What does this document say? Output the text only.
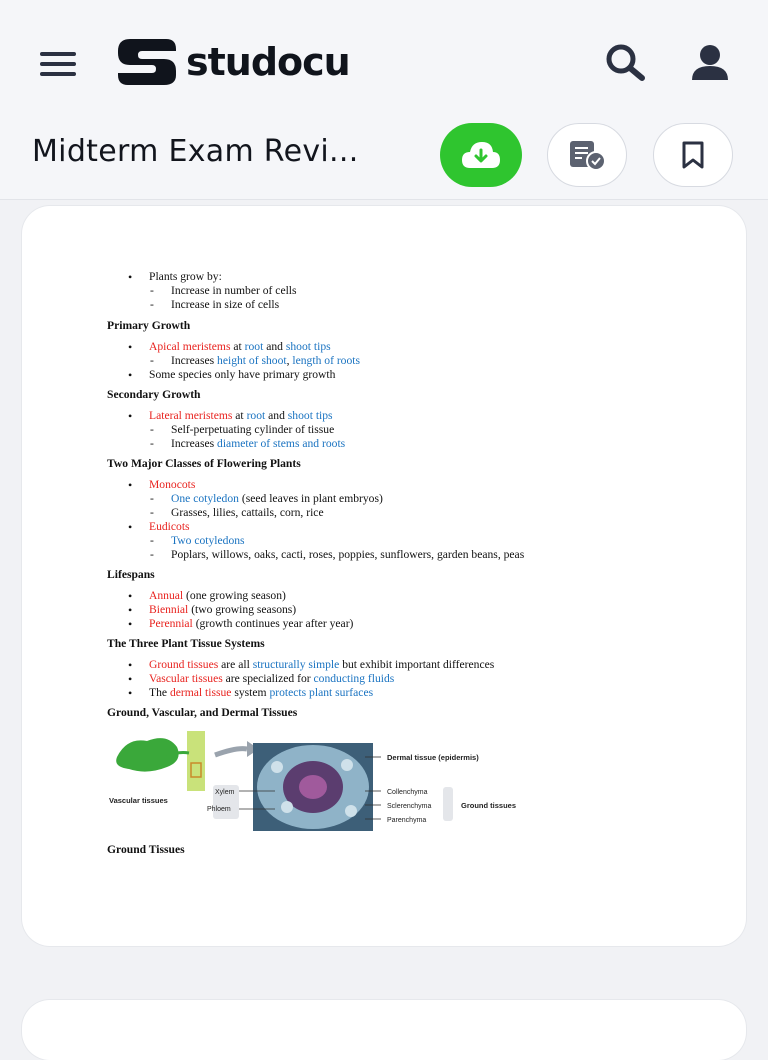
studocu
Midterm Exam Revi...
• Plants grow by:
- Increase in number of cells
- Increase in size of cells
Primary Growth
• Apical meristems at root and shoot tips
- Increases height of shoot, length of roots
• Some species only have primary growth
Secondary Growth
• Lateral meristems at root and shoot tips
- Self-perpetuating cylinder of tissue
- Increases diameter of stems and roots
Two Major Classes of Flowering Plants
• Monocots
- One cotyledon (seed leaves in plant embryos)
- Grasses, lilies, cattails, corn, rice
• Eudicots
- Two cotyledons
- Poplars, willows, oaks, cacti, roses, poppies, sunflowers, garden beans, peas
Lifespans
• Annual (one growing season)
• Biennial (two growing seasons)
• Perennial (growth continues year after year)
The Three Plant Tissue Systems
• Ground tissues are all structurally simple but exhibit important differences
• Vascular tissues are specialized for conducting fluids
• The dermal tissue system protects plant surfaces
Ground, Vascular, and Dermal Tissues
Vascular tissues
Xylem
Phloem
Dermal tissue (epidermis)
Collenchyma
Sclerenchyma
Parenchyma
Ground tissues
Ground Tissues
